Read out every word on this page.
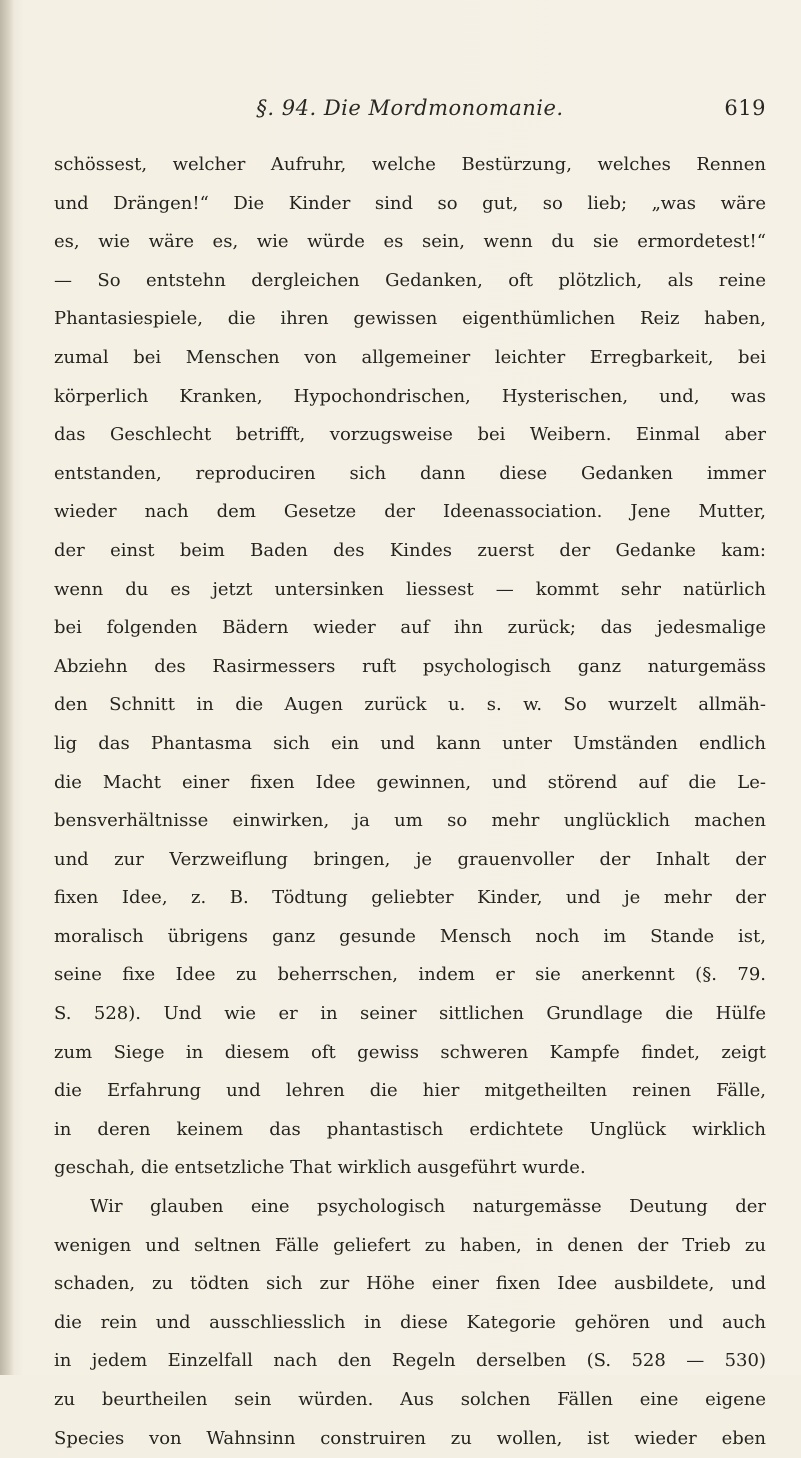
§. 94. Die Mordmonomanie.	619
schössest, welcher Aufruhr, welche Bestürzung, welches Rennen
und Drängen!“ Die Kinder sind so gut, so lieb; „was wäre
es, wie wäre es, wie würde es sein, wenn du sie ermordetest!“
— So entstehn dergleichen Gedanken, oft plötzlich, als reine
Phantasiespiele, die ihren gewissen eigenthümlichen Reiz haben,
zumal bei Menschen von allgemeiner leichter Erregbarkeit, bei
körperlich Kranken, Hypochondrischen, Hysterischen, und, was
das Geschlecht betrifft, vorzugsweise bei Weibern. Einmal aber
entstanden, reproduciren sich dann diese Gedanken immer
wieder nach dem Gesetze der Ideenassociation. Jene Mutter,
der einst beim Baden des Kindes zuerst der Gedanke kam:
wenn du es jetzt untersinken liessest — kommt sehr natürlich
bei folgenden Bädern wieder auf ihn zurück; das jedesmalige
Abziehn des Rasirmessers ruft psychologisch ganz naturgemäss
den Schnitt in die Augen zurück u. s. w. So wurzelt allmäh-
lig das Phantasma sich ein und kann unter Umständen endlich
die Macht einer fixen Idee gewinnen, und störend auf die Le-
bensverhältnisse einwirken, ja um so mehr unglücklich machen
und zur Verzweiflung bringen, je grauenvoller der Inhalt der
fixen Idee, z. B. Tödtung geliebter Kinder, und je mehr der
moralisch übrigens ganz gesunde Mensch noch im Stande ist,
seine fixe Idee zu beherrschen, indem er sie anerkennt (§. 79.
S. 528). Und wie er in seiner sittlichen Grundlage die Hülfe
zum Siege in diesem oft gewiss schweren Kampfe findet, zeigt
die Erfahrung und lehren die hier mitgetheilten reinen Fälle,
in deren keinem das phantastisch erdichtete Unglück wirklich
geschah, die entsetzliche That wirklich ausgeführt wurde.
Wir glauben eine psychologisch naturgemässe Deutung der
wenigen und seltnen Fälle geliefert zu haben, in denen der Trieb zu
schaden, zu tödten sich zur Höhe einer fixen Idee ausbildete, und
die rein und ausschliesslich in diese Kategorie gehören und auch
in jedem Einzelfall nach den Regeln derselben (S. 528 — 530)
zu beurtheilen sein würden. Aus solchen Fällen eine eigene
Species von Wahnsinn construiren zu wollen, ist wieder eben
